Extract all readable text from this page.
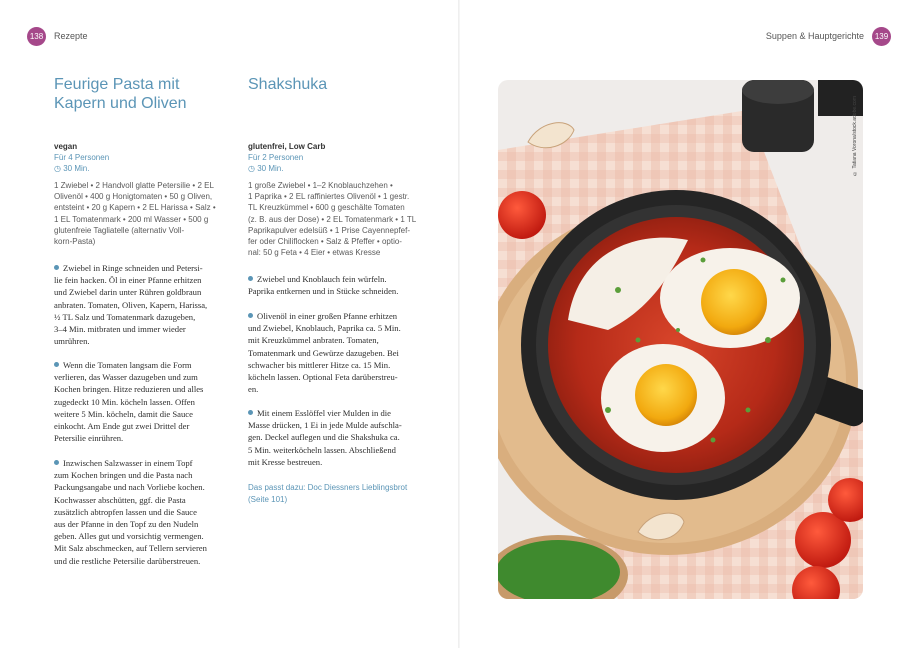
138	Rezepte	Suppen & Hauptgerichte	139
Feurige Pasta mit
Kapern und Oliven
vegan
Für 4 Personen
◷ 30 Min.
1 Zwiebel • 2 Handvoll glatte Petersilie • 2 EL
Olivenöl • 400 g Honigtomaten • 50 g Oliven,
entsteint • 20 g Kapern • 2 EL Harissa • Salz •
1 EL Tomatenmark • 200 ml Wasser • 500 g
glutenfreie Tagliatelle (alternativ Voll-
korn-Pasta)

Zwiebel in Ringe schneiden und Petersi-
lie fein hacken. Öl in einer Pfanne erhitzen
und Zwiebel darin unter Rühren goldbraun
anbraten. Tomaten, Oliven, Kapern, Harissa,
½ TL Salz und Tomatenmark dazugeben,
3–4 Min. mitbraten und immer wieder
umrühren.

Wenn die Tomaten langsam die Form
verlieren, das Wasser dazugeben und zum
Kochen bringen. Hitze reduzieren und alles
zugedeckt 10 Min. köcheln lassen. Offen
weitere 5 Min. köcheln, damit die Sauce
einkocht. Am Ende gut zwei Drittel der
Petersilie einrühren.

Inzwischen Salzwasser in einem Topf
zum Kochen bringen und die Pasta nach
Packungsangabe und nach Vorliebe kochen.
Kochwasser abschütten, ggf. die Pasta
zusätzlich abtropfen lassen und die Sauce
aus der Pfanne in den Topf zu den Nudeln
geben. Alles gut und vorsichtig vermengen.
Mit Salz abschmecken, auf Tellern servieren
und die restliche Petersilie darüberstreuen.

Shakshuka
glutenfrei, Low Carb
Für 2 Personen
◷ 30 Min.
1 große Zwiebel • 1–2 Knoblauchzehen •
1 Paprika • 2 EL raffiniertes Olivenöl • 1 gestr.
TL Kreuzkümmel • 600 g geschälte Tomaten
(z. B. aus der Dose) • 2 EL Tomatenmark • 1 TL
Paprikapulver edelsüß • 1 Prise Cayennepfef-
fer oder Chiliflocken • Salz & Pfeffer • optio-
nal: 50 g Feta • 4 Eier • etwas Kresse

Zwiebel und Knoblauch fein würfeln.
Paprika entkernen und in Stücke schneiden.

Olivenöl in einer großen Pfanne erhitzen
und Zwiebel, Knoblauch, Paprika ca. 5 Min.
mit Kreuzkümmel anbraten. Tomaten,
Tomatenmark und Gewürze dazugeben. Bei
schwacher bis mittlerer Hitze ca. 15 Min.
köcheln lassen. Optional Feta darüberstreu-
en.

Mit einem Esslöffel vier Mulden in die
Masse drücken, 1 Ei in jede Mulde aufschla-
gen. Deckel auflegen und die Shakshuka ca.
5 Min. weiterköcheln lassen. Abschließend
mit Kresse bestreuen.

Das passt dazu: Doc Diessners Lieblingsbrot
(Seite 101)
© Tatiana Vorona/stock.adobe.com
